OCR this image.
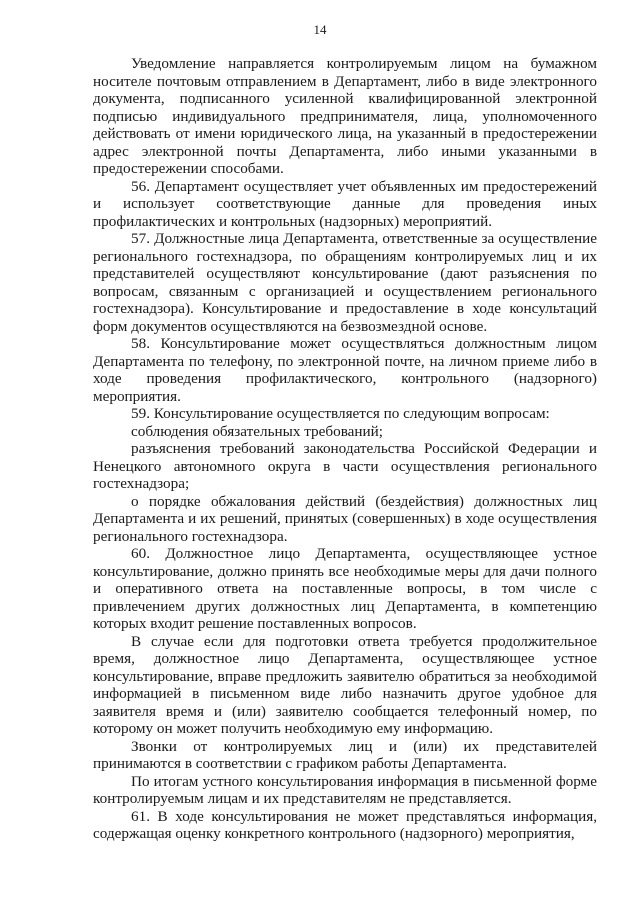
14

Уведомление направляется контролируемым лицом на бумажном носителе почтовым отправлением в Департамент, либо в виде электронного документа, подписанного усиленной квалифицированной электронной подписью индивидуального предпринимателя, лица, уполномоченного действовать от имени юридического лица, на указанный в предостережении адрес электронной почты Департамента, либо иными указанными в предостережении способами.

56. Департамент осуществляет учет объявленных им предостережений и использует соответствующие данные для проведения иных профилактических и контрольных (надзорных) мероприятий.

57. Должностные лица Департамента, ответственные за осуществление регионального гостехнадзора, по обращениям контролируемых лиц и их представителей осуществляют консультирование (дают разъяснения по вопросам, связанным с организацией и осуществлением регионального гостехнадзора). Консультирование и предоставление в ходе консультаций форм документов осуществляются на безвозмездной основе.

58. Консультирование может осуществляться должностным лицом Департамента по телефону, по электронной почте, на личном приеме либо в ходе проведения профилактического, контрольного (надзорного) мероприятия.

59. Консультирование осуществляется по следующим вопросам:

соблюдения обязательных требований;

разъяснения требований законодательства Российской Федерации и Ненецкого автономного округа в части осуществления регионального гостехнадзора;

о порядке обжалования действий (бездействия) должностных лиц Департамента и их решений, принятых (совершенных) в ходе осуществления регионального гостехнадзора.

60. Должностное лицо Департамента, осуществляющее устное консультирование, должно принять все необходимые меры для дачи полного и оперативного ответа на поставленные вопросы, в том числе с привлечением других должностных лиц Департамента, в компетенцию которых входит решение поставленных вопросов.

В случае если для подготовки ответа требуется продолжительное время, должностное лицо Департамента, осуществляющее устное консультирование, вправе предложить заявителю обратиться за необходимой информацией в письменном виде либо назначить другое удобное для заявителя время и (или) заявителю сообщается телефонный номер, по которому он может получить необходимую ему информацию.

Звонки от контролируемых лиц и (или) их представителей принимаются в соответствии с графиком работы Департамента.

По итогам устного консультирования информация в письменной форме контролируемым лицам и их представителям не представляется.

61. В ходе консультирования не может представляться информация, содержащая оценку конкретного контрольного (надзорного) мероприятия,
